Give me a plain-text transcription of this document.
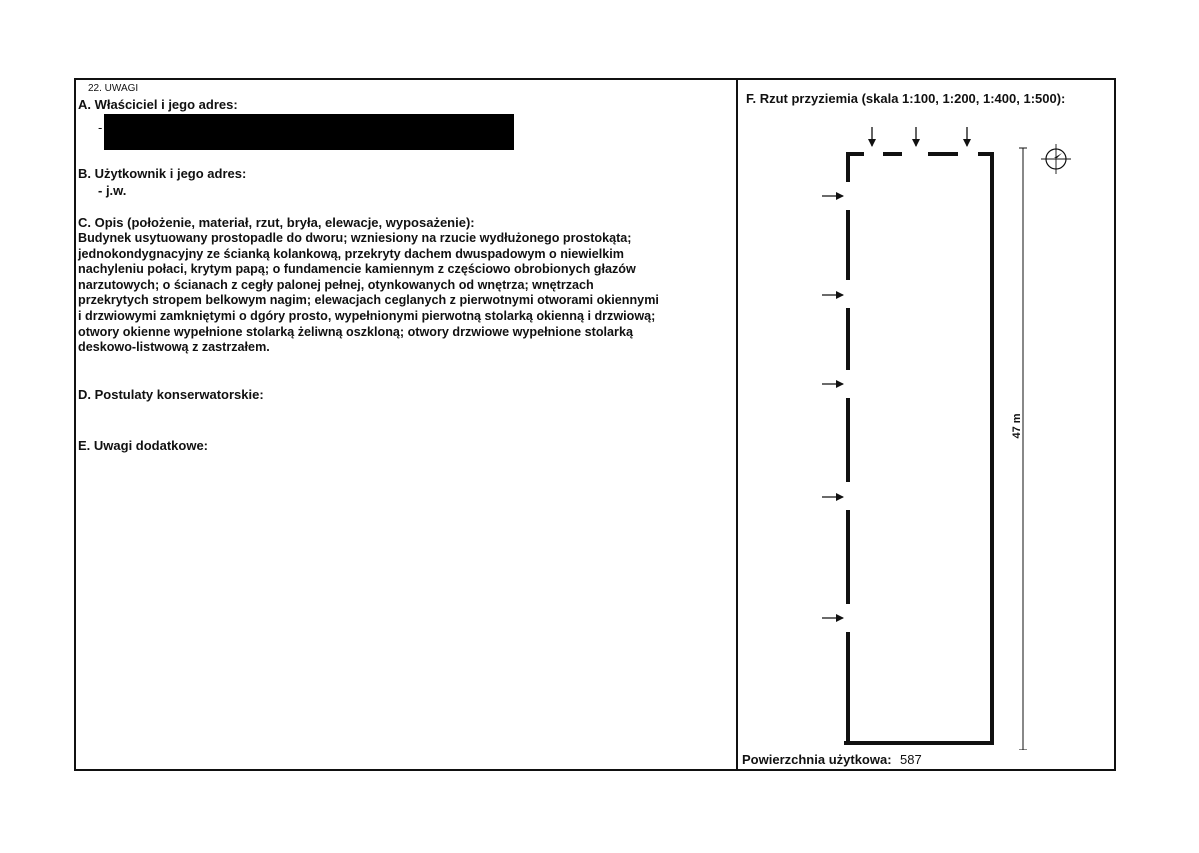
22. UWAGI
A. Właściciel i jego adres:
-
B. Użytkownik i jego adres:
- j.w.
C. Opis (położenie, materiał, rzut, bryła, elewacje, wyposażenie):
Budynek usytuowany prostopadle do dworu; wzniesiony na rzucie wydłużonego prostokąta;
jednokondygnacyjny ze ścianką kolankową, przekryty dachem dwuspadowym o niewielkim
nachyleniu połaci, krytym papą; o fundamencie kamiennym z częściowo obrobionych głazów
narzutowych; o ścianach z cegły palonej pełnej, otynkowanych od wnętrza; wnętrzach
przekrytych stropem belkowym nagim; elewacjach ceglanych z pierwotnymi otworami okiennymi
i drzwiowymi zamkniętymi o dgóry prosto, wypełnionymi pierwotną stolarką okienną i drzwiową;
otwory okienne wypełnione stolarką żeliwną oszkloną; otwory drzwiowe wypełnione stolarką
deskowo-listwową z zastrzałem.
D. Postulaty konserwatorskie:
E. Uwagi dodatkowe:
F. Rzut przyziemia (skala 1:100, 1:200, 1:400, 1:500):
47 m
Powierzchnia użytkowa: 587
